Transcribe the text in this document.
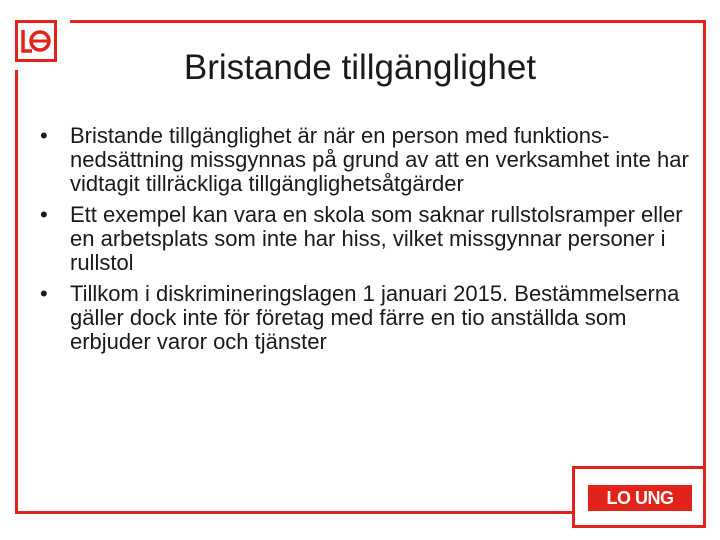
Bristande tillgänglighet
•	Bristande tillgänglighet är när en person med funktions-nedsättning missgynnas på grund av att en verksamhet inte har vidtagit tillräckliga tillgänglighetsåtgärder
•	Ett exempel kan vara en skola som saknar rullstolsramper eller en arbetsplats som inte har hiss, vilket missgynnar personer i rullstol
•	Tillkom i diskrimineringslagen 1 januari 2015. Bestämmelserna gäller dock inte för företag med färre en tio anställda som erbjuder varor och tjänster
LO UNG
